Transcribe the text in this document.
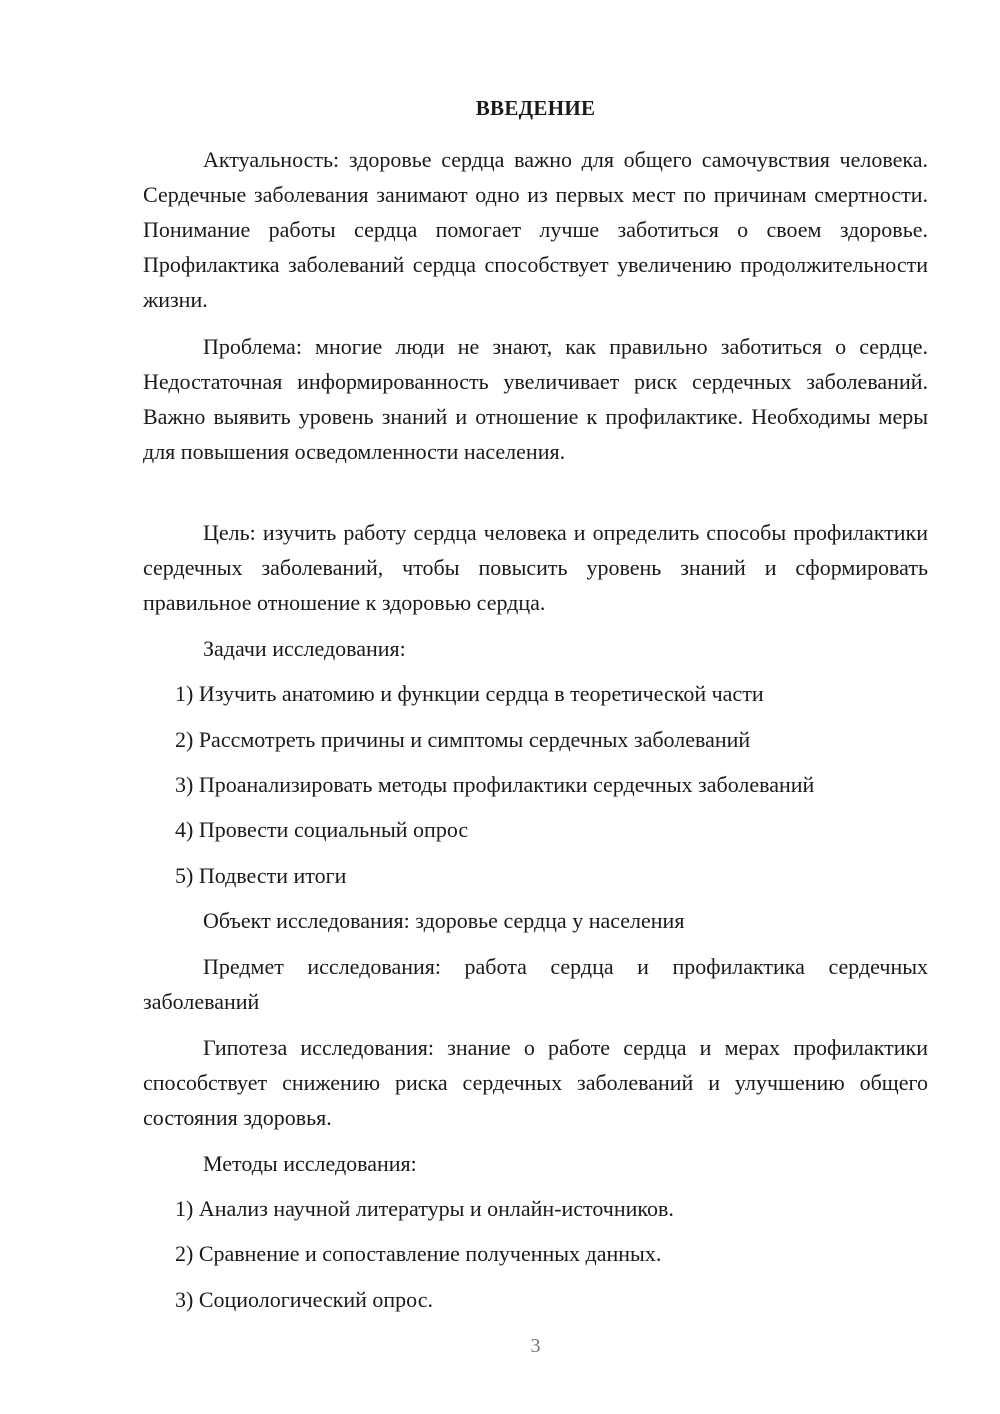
ВВЕДЕНИЕ

Актуальность: здоровье сердца важно для общего самочувствия человека. Сердечные заболевания занимают одно из первых мест по причинам смертности. Понимание работы сердца помогает лучше заботиться о своем здоровье. Профилактика заболеваний сердца способствует увеличению продолжительности жизни.

Проблема: многие люди не знают, как правильно заботиться о сердце. Недостаточная информированность увеличивает риск сердечных заболеваний. Важно выявить уровень знаний и отношение к профилактике. Необходимы меры для повышения осведомленности населения.

Цель: изучить работу сердца человека и определить способы профилактики сердечных заболеваний, чтобы повысить уровень знаний и сформировать правильное отношение к здоровью сердца.

Задачи исследования:

1) Изучить анатомию и функции сердца в теоретической части

2) Рассмотреть причины и симптомы сердечных заболеваний

3) Проанализировать методы профилактики сердечных заболеваний

4) Провести социальный опрос

5) Подвести итоги

Объект исследования: здоровье сердца у населения

Предмет исследования: работа сердца и профилактика сердечных заболеваний

Гипотеза исследования: знание о работе сердца и мерах профилактики способствует снижению риска сердечных заболеваний и улучшению общего состояния здоровья.

Методы исследования:

1) Анализ научной литературы и онлайн-источников.

2) Сравнение и сопоставление полученных данных.

3) Социологический опрос.

3
